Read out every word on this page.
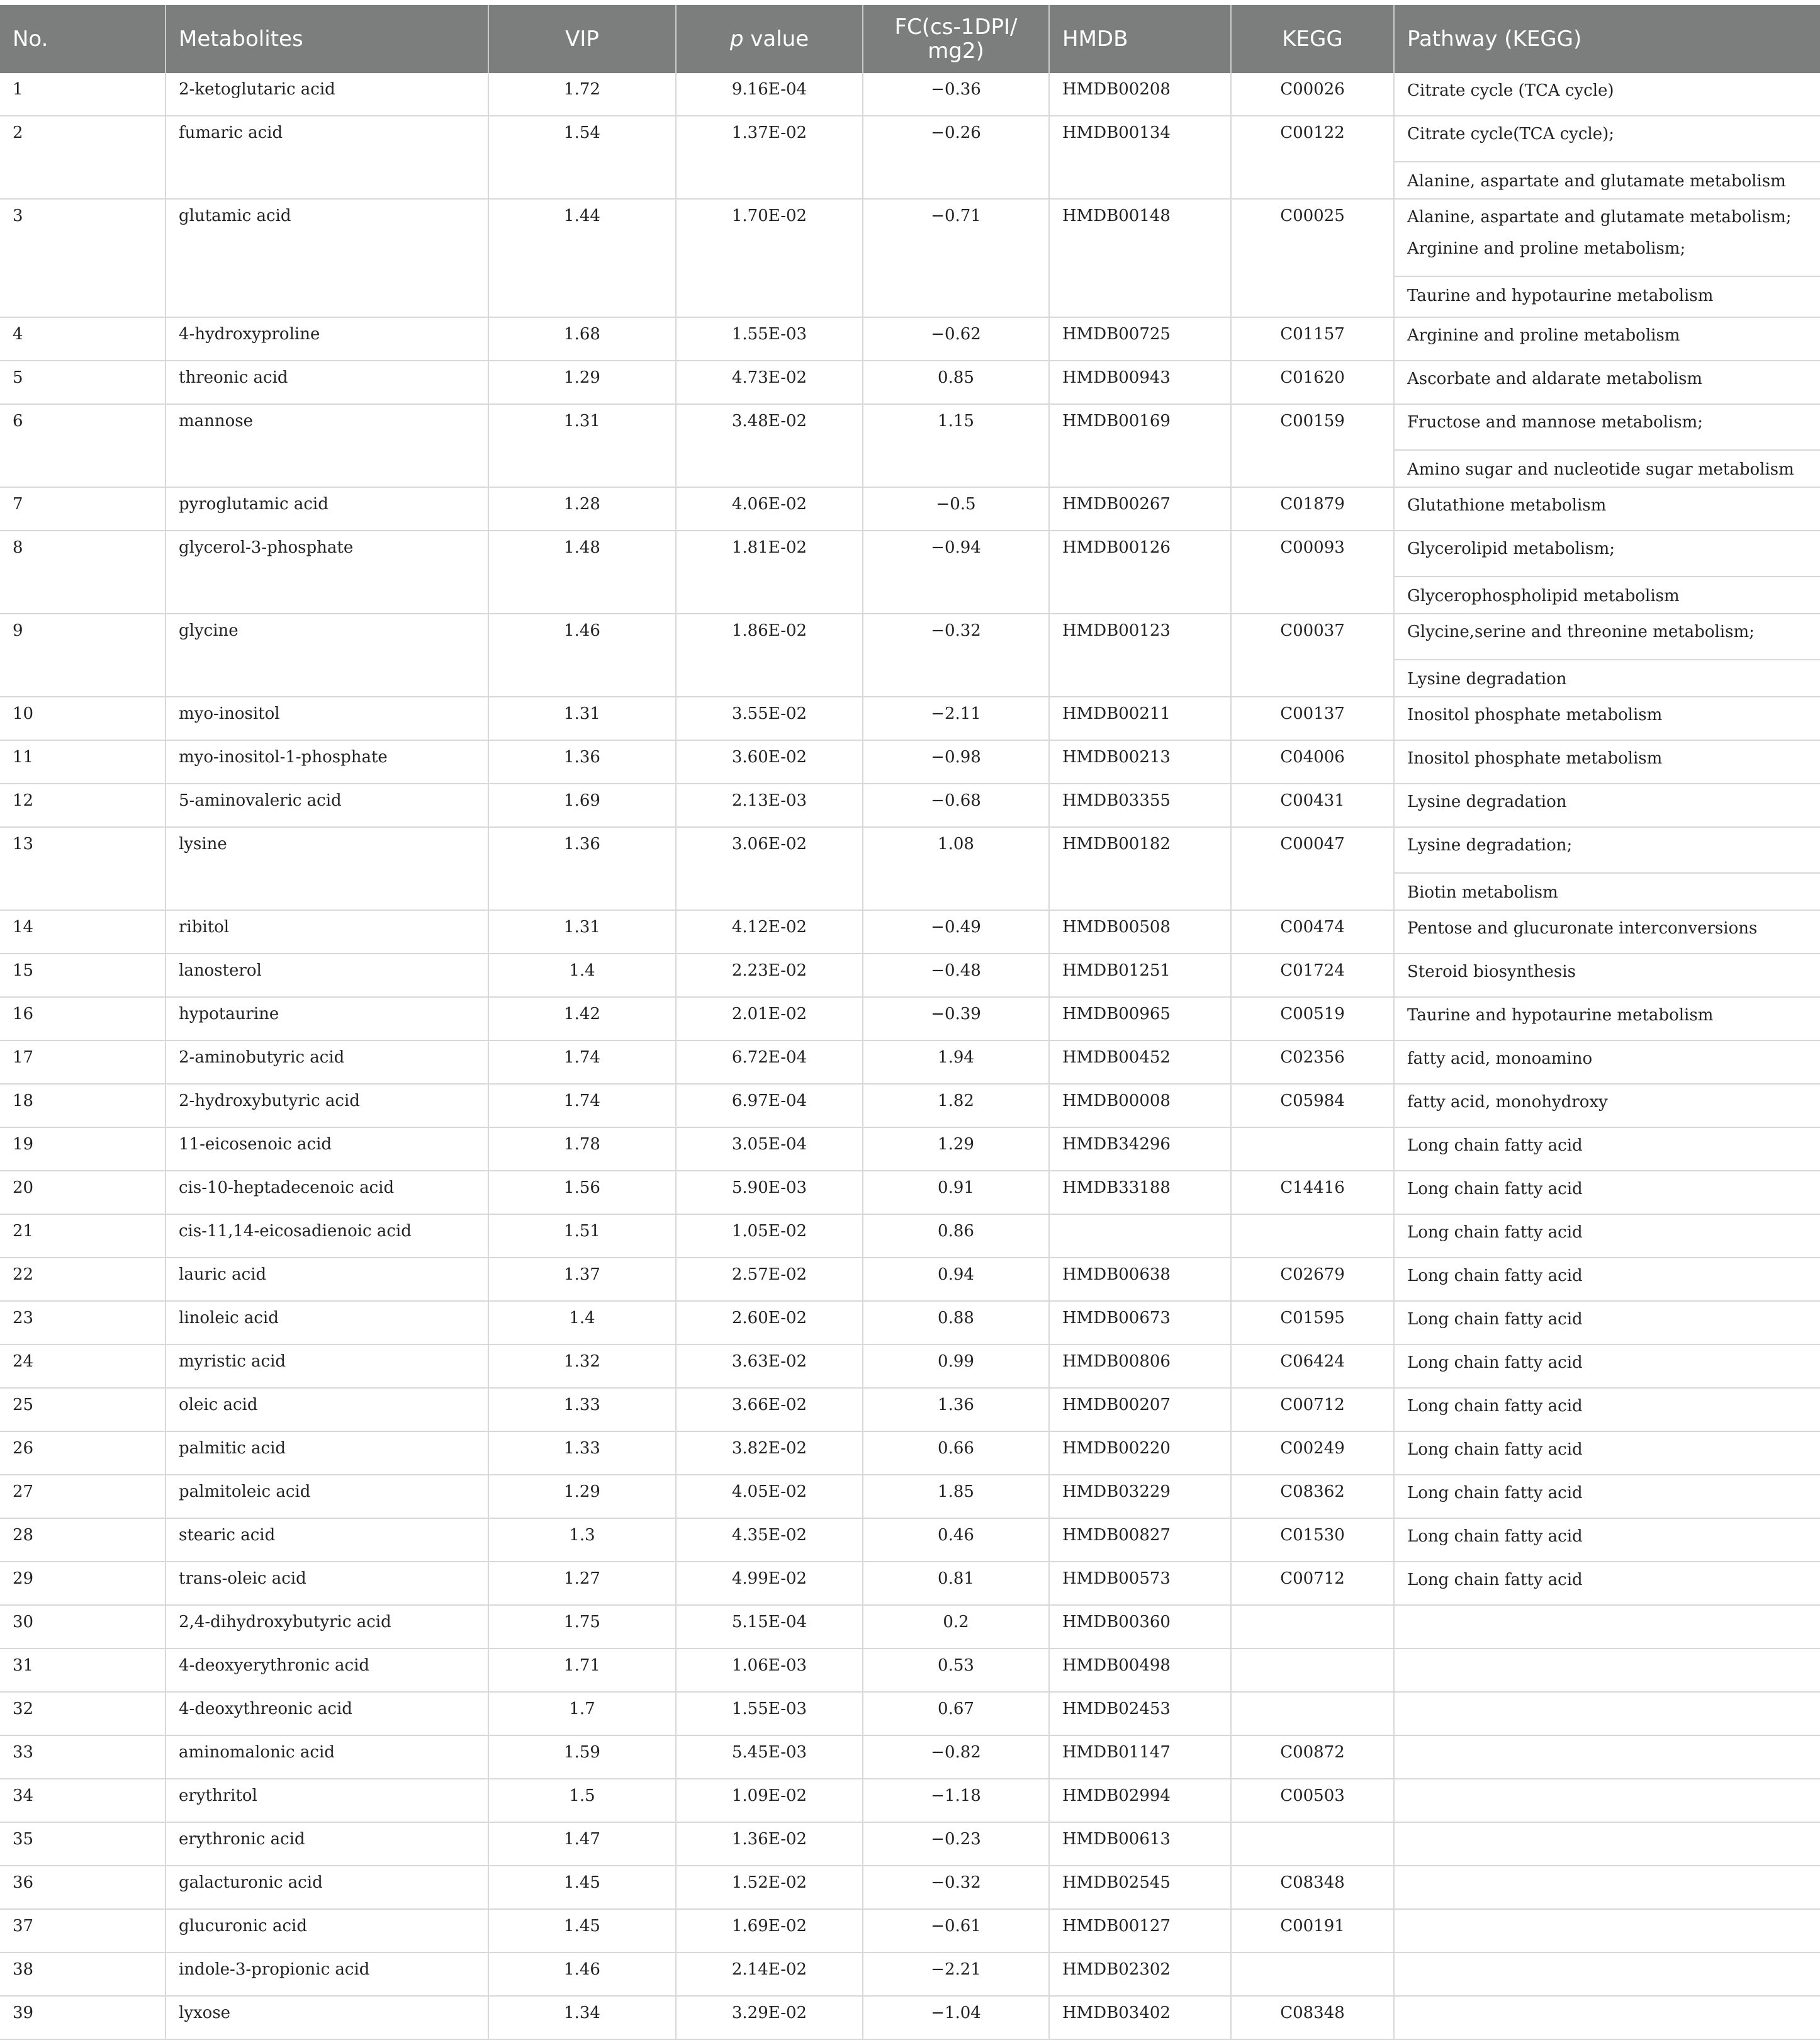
No.	Metabolites	VIP	p value	FC(cs-1DPI/ mg2)	HMDB	KEGG	Pathway (KEGG)
1	2-ketoglutaric acid	1.72	9.16E-04	−0.36	HMDB00208	C00026	Citrate cycle (TCA cycle)

2	fumaric acid	1.54	1.37E-02	−0.26	HMDB00134	C00122	Citrate cycle(TCA cycle);
Alanine, aspartate and glutamate metabolism

3	glutamic acid	1.44	1.70E-02	−0.71	HMDB00148	C00025	Alanine, aspartate and glutamate metabolism;
Arginine and proline metabolism;
Taurine and hypotaurine metabolism

4	4-hydroxyproline	1.68	1.55E-03	−0.62	HMDB00725	C01157	Arginine and proline metabolism

5	threonic acid	1.29	4.73E-02	0.85	HMDB00943	C01620	Ascorbate and aldarate metabolism

6	mannose	1.31	3.48E-02	1.15	HMDB00169	C00159	Fructose and mannose metabolism;
Amino sugar and nucleotide sugar metabolism

7	pyroglutamic acid	1.28	4.06E-02	−0.5	HMDB00267	C01879	Glutathione metabolism

8	glycerol-3-phosphate	1.48	1.81E-02	−0.94	HMDB00126	C00093	Glycerolipid metabolism;
Glycerophospholipid metabolism

9	glycine	1.46	1.86E-02	−0.32	HMDB00123	C00037	Glycine,serine and threonine metabolism;
Lysine degradation

10	myo-inositol	1.31	3.55E-02	−2.11	HMDB00211	C00137	Inositol phosphate metabolism

11	myo-inositol-1-phosphate	1.36	3.60E-02	−0.98	HMDB00213	C04006	Inositol phosphate metabolism

12	5-aminovaleric acid	1.69	2.13E-03	−0.68	HMDB03355	C00431	Lysine degradation

13	lysine	1.36	3.06E-02	1.08	HMDB00182	C00047	Lysine degradation;
Biotin metabolism

14	ribitol	1.31	4.12E-02	−0.49	HMDB00508	C00474	Pentose and glucuronate interconversions

15	lanosterol	1.4	2.23E-02	−0.48	HMDB01251	C01724	Steroid biosynthesis

16	hypotaurine	1.42	2.01E-02	−0.39	HMDB00965	C00519	Taurine and hypotaurine metabolism

17	2-aminobutyric acid	1.74	6.72E-04	1.94	HMDB00452	C02356	fatty acid, monoamino

18	2-hydroxybutyric acid	1.74	6.97E-04	1.82	HMDB00008	C05984	fatty acid, monohydroxy

19	11-eicosenoic acid	1.78	3.05E-04	1.29	HMDB34296		Long chain fatty acid

20	cis-10-heptadecenoic acid	1.56	5.90E-03	0.91	HMDB33188	C14416	Long chain fatty acid

21	cis-11,14-eicosadienoic acid	1.51	1.05E-02	0.86			Long chain fatty acid

22	lauric acid	1.37	2.57E-02	0.94	HMDB00638	C02679	Long chain fatty acid

23	linoleic acid	1.4	2.60E-02	0.88	HMDB00673	C01595	Long chain fatty acid

24	myristic acid	1.32	3.63E-02	0.99	HMDB00806	C06424	Long chain fatty acid

25	oleic acid	1.33	3.66E-02	1.36	HMDB00207	C00712	Long chain fatty acid

26	palmitic acid	1.33	3.82E-02	0.66	HMDB00220	C00249	Long chain fatty acid

27	palmitoleic acid	1.29	4.05E-02	1.85	HMDB03229	C08362	Long chain fatty acid

28	stearic acid	1.3	4.35E-02	0.46	HMDB00827	C01530	Long chain fatty acid

29	trans-oleic acid	1.27	4.99E-02	0.81	HMDB00573	C00712	Long chain fatty acid

30	2,4-dihydroxybutyric acid	1.75	5.15E-04	0.2	HMDB00360		
31	4-deoxyerythronic acid	1.71	1.06E-03	0.53	HMDB00498		
32	4-deoxythreonic acid	1.7	1.55E-03	0.67	HMDB02453		
33	aminomalonic acid	1.59	5.45E-03	−0.82	HMDB01147	C00872	
34	erythritol	1.5	1.09E-02	−1.18	HMDB02994	C00503	
35	erythronic acid	1.47	1.36E-02	−0.23	HMDB00613		
36	galacturonic acid	1.45	1.52E-02	−0.32	HMDB02545	C08348	
37	glucuronic acid	1.45	1.69E-02	−0.61	HMDB00127	C00191	
38	indole-3-propionic acid	1.46	2.14E-02	−2.21	HMDB02302		
39	lyxose	1.34	3.29E-02	−1.04	HMDB03402	C08348	
